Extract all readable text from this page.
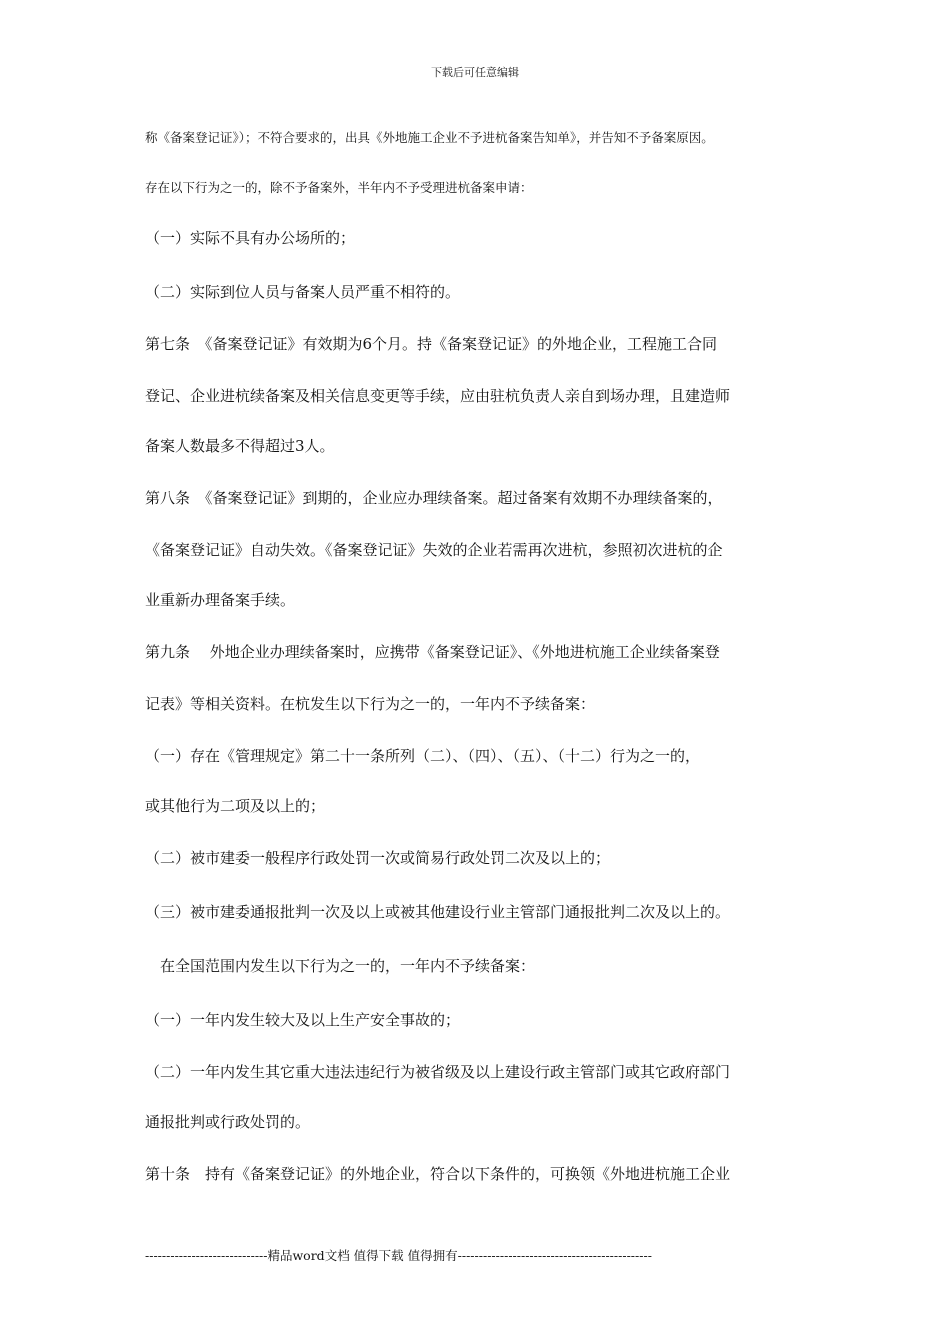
下载后可任意编辑
称《备案登记证》）；不符合要求的，出具《外地施工企业不予进杭备案告知单》，并告知不予备案原因。
存在以下行为之一的，除不予备案外，半年内不予受理进杭备案申请：
（一）实际不具有办公场所的；
（二）实际到位人员与备案人员严重不相符的。
第七条　《备案登记证》有效期为6个月。持《备案登记证》的外地企业，工程施工合同
登记、企业进杭续备案及相关信息变更等手续，应由驻杭负责人亲自到场办理，且建造师
备案人数最多不得超过3人。
第八条　《备案登记证》到期的，企业应办理续备案。超过备案有效期不办理续备案的，
《备案登记证》自动失效。《备案登记证》失效的企业若需再次进杭，参照初次进杭的企
业重新办理备案手续。
第九条　 外地企业办理续备案时，应携带《备案登记证》、《外地进杭施工企业续备案登
记表》等相关资料。在杭发生以下行为之一的，一年内不予续备案：
（一）存在《管理规定》第二十一条所列（二）、（四）、（五）、（十二）行为之一的，
或其他行为二项及以上的；
（二）被市建委一般程序行政处罚一次或简易行政处罚二次及以上的；
（三）被市建委通报批判一次及以上或被其他建设行业主管部门通报批判二次及以上的。
　在全国范围内发生以下行为之一的，一年内不予续备案：
（一）一年内发生较大及以上生产安全事故的；
（二）一年内发生其它重大违法违纪行为被省级及以上建设行政主管部门或其它政府部门
通报批判或行政处罚的。
第十条　持有《备案登记证》的外地企业，符合以下条件的，可换领《外地进杭施工企业
-----------------------------精品word文档 值得下载 值得拥有----------------------------------------------
